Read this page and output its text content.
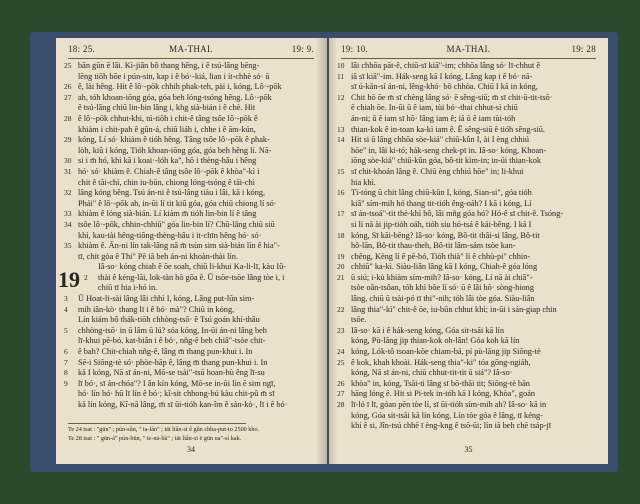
18: 25.	MA-THAI.	19: 9.
19
25 bān gūn ē lâi. Kì-jiân bô thang hêng, i ê tsú-lâng bēng-
lēng tiōh bōe i pún-sin, kap i ê bó·-kiá, lian i ít-chhè só· ū
26 ê, lài hêng. Hit ê lô·-pōk chhih phak-teh, pài i, kóng, Lô·-pōk
27 ah, tóh khoan-iōng góa, góa beh lóng-tsóng hêng. Lô·-pōk
ê tsú-lâng chiū lin-bin lâng i, khg sià-bián i ê chè. Hit
28 ê lô·-pōk chhut-khi, tú-tiōh i chit-ê tâng tsôe lô·-pōk ê
khiàm i chit-pah ê gûn-á, chiū liáh i, chhe i ê ām-kún,
29 kóng, Lí só· khiàm ê tióh hêng. Tâng tsôe lô·-pōk ê phak-
lòh, kiû i kóng, Tióh khoan-iōng góa, góa beh hêng lí. Nā-
30 si i m̄ hó, khì kā i koai·-lóh ka", hō i thèng-hâu i hêng
31 hó· só· khiàm ê. Chiah-ê tâng tsôe lô·-pōk ê khòa"-kì i
chit ê tāi-chì, chin iu-būn, chiong lóng-tsóng ê tāi-chì
32 lâng kóng bêng. Tsú án-ni ê tsú-lâng tiàu i lâi, kā i kóng,
Phái" ê lô·-pōk ah, in-ūi lí tit kiû góa, góa chiū chiong lí só·
33 khiàm ê lóng sià-bián. Lí kiám m̄ tióh lin-bin lí ê tâng
34 tsôe lô·-pōk, chhin-chhiū" góa lin-bin lí? Chū-lâng chiū siū
khì, kau-tài hêng-tiông-thèng-hâu i it-chīn hêng hó· só·
35 khiàm ê. Ān-ni lín tak-lâng nā m̄ tsùn sim sià-bián lín ê hia"-
tī, chit góa ê Thi" Pē iā beh án-ni khoàn-thài lín.
Iâ-so· kóng chiah ê ōe soah, chiū li-khui Ka-li-lī, kàu Iû-
2 thài ê kéng-lāi, lok-tàn hō gōa ê. Ū tsōe-tsōe lâng tòe i, i
chiū tī hia i-hó in.
3 Ū Hoat-li-sài lâng lâi chhì I, kóng, Lâng put-lūn sim-
4 mih iân-kò· thang lī i ê bó· mà"? Chiū in kóng,
Lín kiám bô thák-tiōh chhòng-tsō· ê Tsú goán khí-thâu
5 chhòng-tsō· in ū lâm ū lú? sóa kóng, In-ūi án-ni lâng beh
lī-khui pē-bó, kat-biân i ê bó·, nñg-ê beh chiâ"-tsòe chit-
6 ê bah? Chit-chiah nñg-ê, lâng m̄ thang pun-khui i. In
7 Sē-i Siōng-tè só· phòe-hāp ê, lâng m̄ thang pun-khui i. In
8 kā I kóng, Nā sī án-ni, Mō-se tsài"-tsū hoan-hù êng lī-su
9 lī bó·, sī án-chóa"? I ân kín kóng, Mō-se in-ūi lín ē sim ngī,
hó· lín hó· hū lī lín ê bó·; kî-sit chhong-bú kàu chit-pû m̄ sī
kā lín kóng, Kî-nā lâng, m̄ sī ūi-tióh kan-îm ê sàn-kò·, lī i ê bó·
Te 24 tsat : "gūn" ; pún-sûn, " ta-lán" ; tāt liân-sī ê gûn chha-put-to 2500 kho.
Te 28 tsat : " gūn-á" pún-bün, " te-nā-lià" ; tāt liân-sī ē gūn ua"-sì kak.
34
19: 10.	MA-THAI.	19: 28
10 lâi chhōa pāt-ê, chiū-sī kiā"-im; chhōa lâng só· lī-chhut ê
11 iā sī kiā"-im. Hák-seng kā I kóng, Lâng kap i ê bó· nā-
sī ú-kān-sí án-ni, lêng-khó· bô chhòa. Chiū I kā in kóng,
12 Chit hō ōe m̄ sī chèng lâng só· ē sêng-siū; m̄ sī chit-ū-tit-tsō·
ē chiah ōe. In-ūi ū ê iam, tùi bó·-thai chhut-sì chiū
án-ni; ū ê iam sī hō· lâng iam ê; iā ū ê iam tùi-tóh
13 thian-kok ê in-toan ka-kì iam ê. Ē sêng-siū ê tióh sêng-siū.
14 Hit si ū lâng chhōa sòe-kiá" chiū-kûn I, ài I èng chhiú
hōe" in, lâi ki-tó; hák-seng chek-pī in. Iâ-so· kóng, Khoan-
iōng sòe-kiá" chiū-kûn góa, bô-tit kìm-in; in-ūi thian-kok
15 sī chit-khoán lâng ê. Chiū èng chhiú hōe" in; li-khui
hia khì.
16 Tì-tóng ū chit lâng chiū-kûn I, kóng, Sian-si", góa tióh
kiâ" sím-mih hó thang tit-tióh êng-oáh? I kā i kóng, Lí
17 sī án-tsoá"-tit thè-khì bô, lâi mñg góa hó? Hó-ê sī chit-ê. Tsóng-
si lí nā ài jip-tióh oáh, tióh siu hó-tsá ê kái-bêng. I kā I
18 kóng, Sī kāi-bēng? Iâ-so· kóng, Bô-tit thâi-si lâng, Bô-tit
hô-lān, Bô-tit thau-theh, Bô-tit lâm-sám tsòe kan-
19 chêng, Kèng lí ê pē-bó, Tióh thià" lí ê chhù-pi" chhin-
20 chhiū" ka-kì. Siàu-liân lâng kā I kóng, Chiah-ê góa lóng
21 ū siú; i-kù khiàm sím-mih? Iâ-so· kóng, Lí nā ài chiâ"-
tsòe oân-tsôan, tóh khì bōe lí só· ū ê lâi hō· sòng-hiong
lâng, chiū ū tsài-pó tī thi"-nih; tóh lâi tòe góa. Siàu-liân
22 lâng thia"-kì" chit-ê ōe, iu-būn chhut khì; in-ūi i sán-giap chin
tsōe.
23 Iâ-so· kā i ê hák-seng kóng, Góa sit-tsāi kā lín
kóng, Pù-lāng jip thian-kok oh-lân! Góa koh kā lín
24 kóng, Lók-tô tsoan-kōe chiam-bá, pí pù-lāng jip Siōng-tè
25 ê kok, khah khoài. Hák-seng thia"-ki" tóa gōng-ngiáh,
kóng, Nā sī án-ni, chiū chhut-tit-tit ū siá"? Iâ-so·
26 khòa" in, kóng, Tsāi-ti lâng sī bō-thāi tit; Siōng-tè bān
27 hāng lóng ē. Hit si Pi-tek in-tóh kā I kóng, Khòa", goán
28 lī-ló ī lī, góan pēn tòe lí, sī ūi-tióh sím-mih ah? Iâ-so· kā in
kóng, Góa sit-tsāi kā lín kóng, Lín tòe góa ê lâng, tī kéng-
khí ê si, Jîn-tsú chhē ī èng-kng ê tsō-ūi; lín iā beh chē tsáp-jī
35
